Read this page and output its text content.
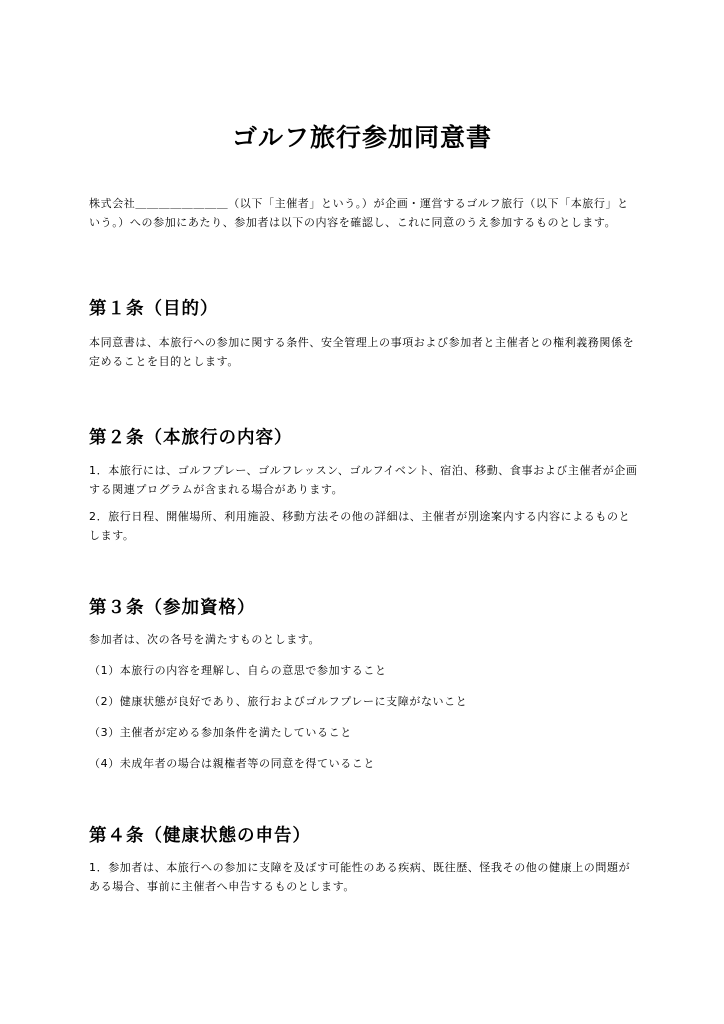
ゴルフ旅行参加同意書

株式会社＿＿＿＿＿＿＿＿（以下「主催者」という。）が企画・運営するゴルフ旅行（以下「本旅行」という。）への参加にあたり、参加者は以下の内容を確認し、これに同意のうえ参加するものとします。

第１条（目的）

本同意書は、本旅行への参加に関する条件、安全管理上の事項および参加者と主催者との権利義務関係を定めることを目的とします。

第２条（本旅行の内容）

1．本旅行には、ゴルフプレー、ゴルフレッスン、ゴルフイベント、宿泊、移動、食事および主催者が企画する関連プログラムが含まれる場合があります。

2．旅行日程、開催場所、利用施設、移動方法その他の詳細は、主催者が別途案内する内容によるものとします。

第３条（参加資格）

参加者は、次の各号を満たすものとします。

（1）本旅行の内容を理解し、自らの意思で参加すること

（2）健康状態が良好であり、旅行およびゴルフプレーに支障がないこと

（3）主催者が定める参加条件を満たしていること

（4）未成年者の場合は親権者等の同意を得ていること

第４条（健康状態の申告）

1．参加者は、本旅行への参加に支障を及ぼす可能性のある疾病、既往歴、怪我その他の健康上の問題がある場合、事前に主催者へ申告するものとします。
